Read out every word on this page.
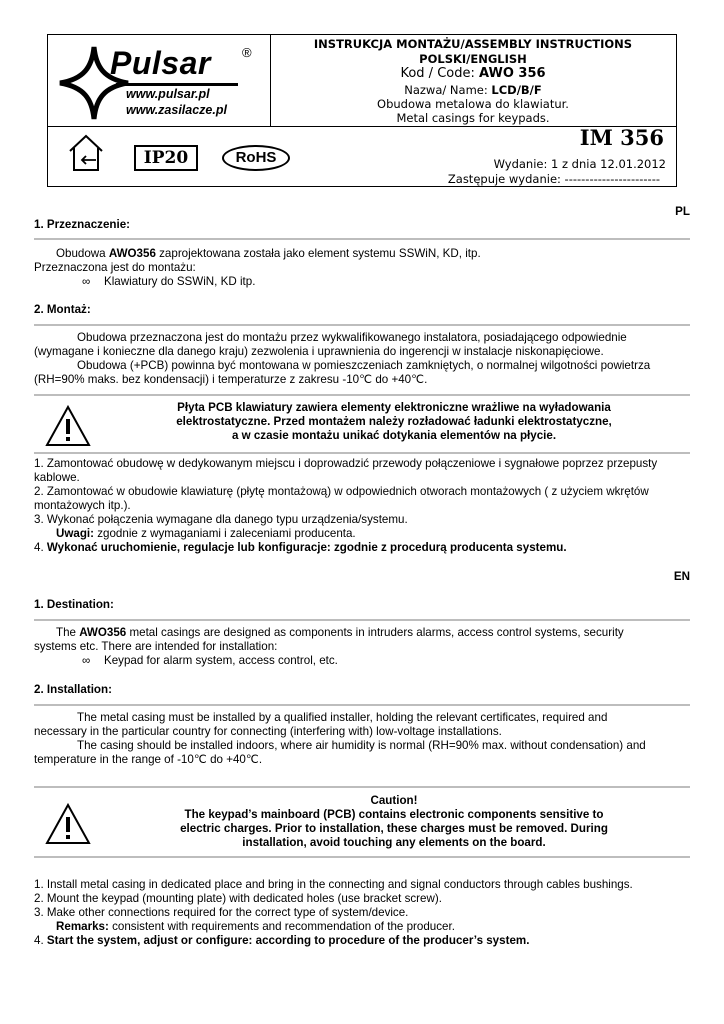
Pulsar ®
www.pulsar.pl
www.zasilacze.pl
INSTRUKCJA MONTAŻU/ASSEMBLY INSTRUCTIONS
POLSKI/ENGLISH
Kod / Code: AWO 356
Nazwa/ Name: LCD/B/F
Obudowa metalowa do klawiatur.
Metal casings for keypads.
IP20	RoHS
IM 356
Wydanie: 1 z dnia 12.01.2012
Zastępuje wydanie: -----------------------
PL
1. Przeznaczenie:
Obudowa AWO356 zaprojektowana została jako element systemu SSWiN, KD, itp.
Przeznaczona jest do montażu:
∞ Klawiatury do SSWiN, KD itp.
2. Montaż:
Obudowa przeznaczona jest do montażu przez wykwalifikowanego instalatora, posiadającego odpowiednie
(wymagane i konieczne dla danego kraju) zezwolenia i uprawnienia do ingerencji w instalacje niskonapięciowe.
Obudowa (+PCB) powinna być montowana w pomieszczeniach zamkniętych, o normalnej wilgotności powietrza
(RH=90% maks. bez kondensacji) i temperaturze z zakresu -10℃ do +40℃.
Płyta PCB klawiatury zawiera elementy elektroniczne wrażliwe na wyładowania
elektrostatyczne. Przed montażem należy rozładować ładunki elektrostatyczne,
a w czasie montażu unikać dotykania elementów na płycie.
1. Zamontować obudowę w dedykowanym miejscu i doprowadzić przewody połączeniowe i sygnałowe poprzez przepusty
kablowe.
2. Zamontować w obudowie klawiaturę (płytę montażową) w odpowiednich otworach montażowych ( z użyciem wkrętów
montażowych itp.).
3. Wykonać połączenia wymagane dla danego typu urządzenia/systemu.
Uwagi: zgodnie z wymaganiami i zaleceniami producenta.
4. Wykonać uruchomienie, regulacje lub konfiguracje: zgodnie z procedurą producenta systemu.
EN
1. Destination:
The AWO356 metal casings are designed as components in intruders alarms, access control systems, security
systems etc. There are intended for installation:
∞ Keypad for alarm system, access control, etc.
2. Installation:
The metal casing must be installed by a qualified installer, holding the relevant certificates, required and
necessary in the particular country for connecting (interfering with) low-voltage installations.
The casing should be installed indoors, where air humidity is normal (RH=90% max. without condensation) and
temperature in the range of -10℃ do +40℃.
Caution!
The keypad’s mainboard (PCB) contains electronic components sensitive to
electric charges. Prior to installation, these charges must be removed. During
installation, avoid touching any elements on the board.
1. Install metal casing in dedicated place and bring in the connecting and signal conductors through cables bushings.
2. Mount the keypad (mounting plate) with dedicated holes (use bracket screw).
3. Make other connections required for the correct type of system/device.
Remarks: consistent with requirements and recommendation of the producer.
4. Start the system, adjust or configure: according to procedure of the producer’s system.
